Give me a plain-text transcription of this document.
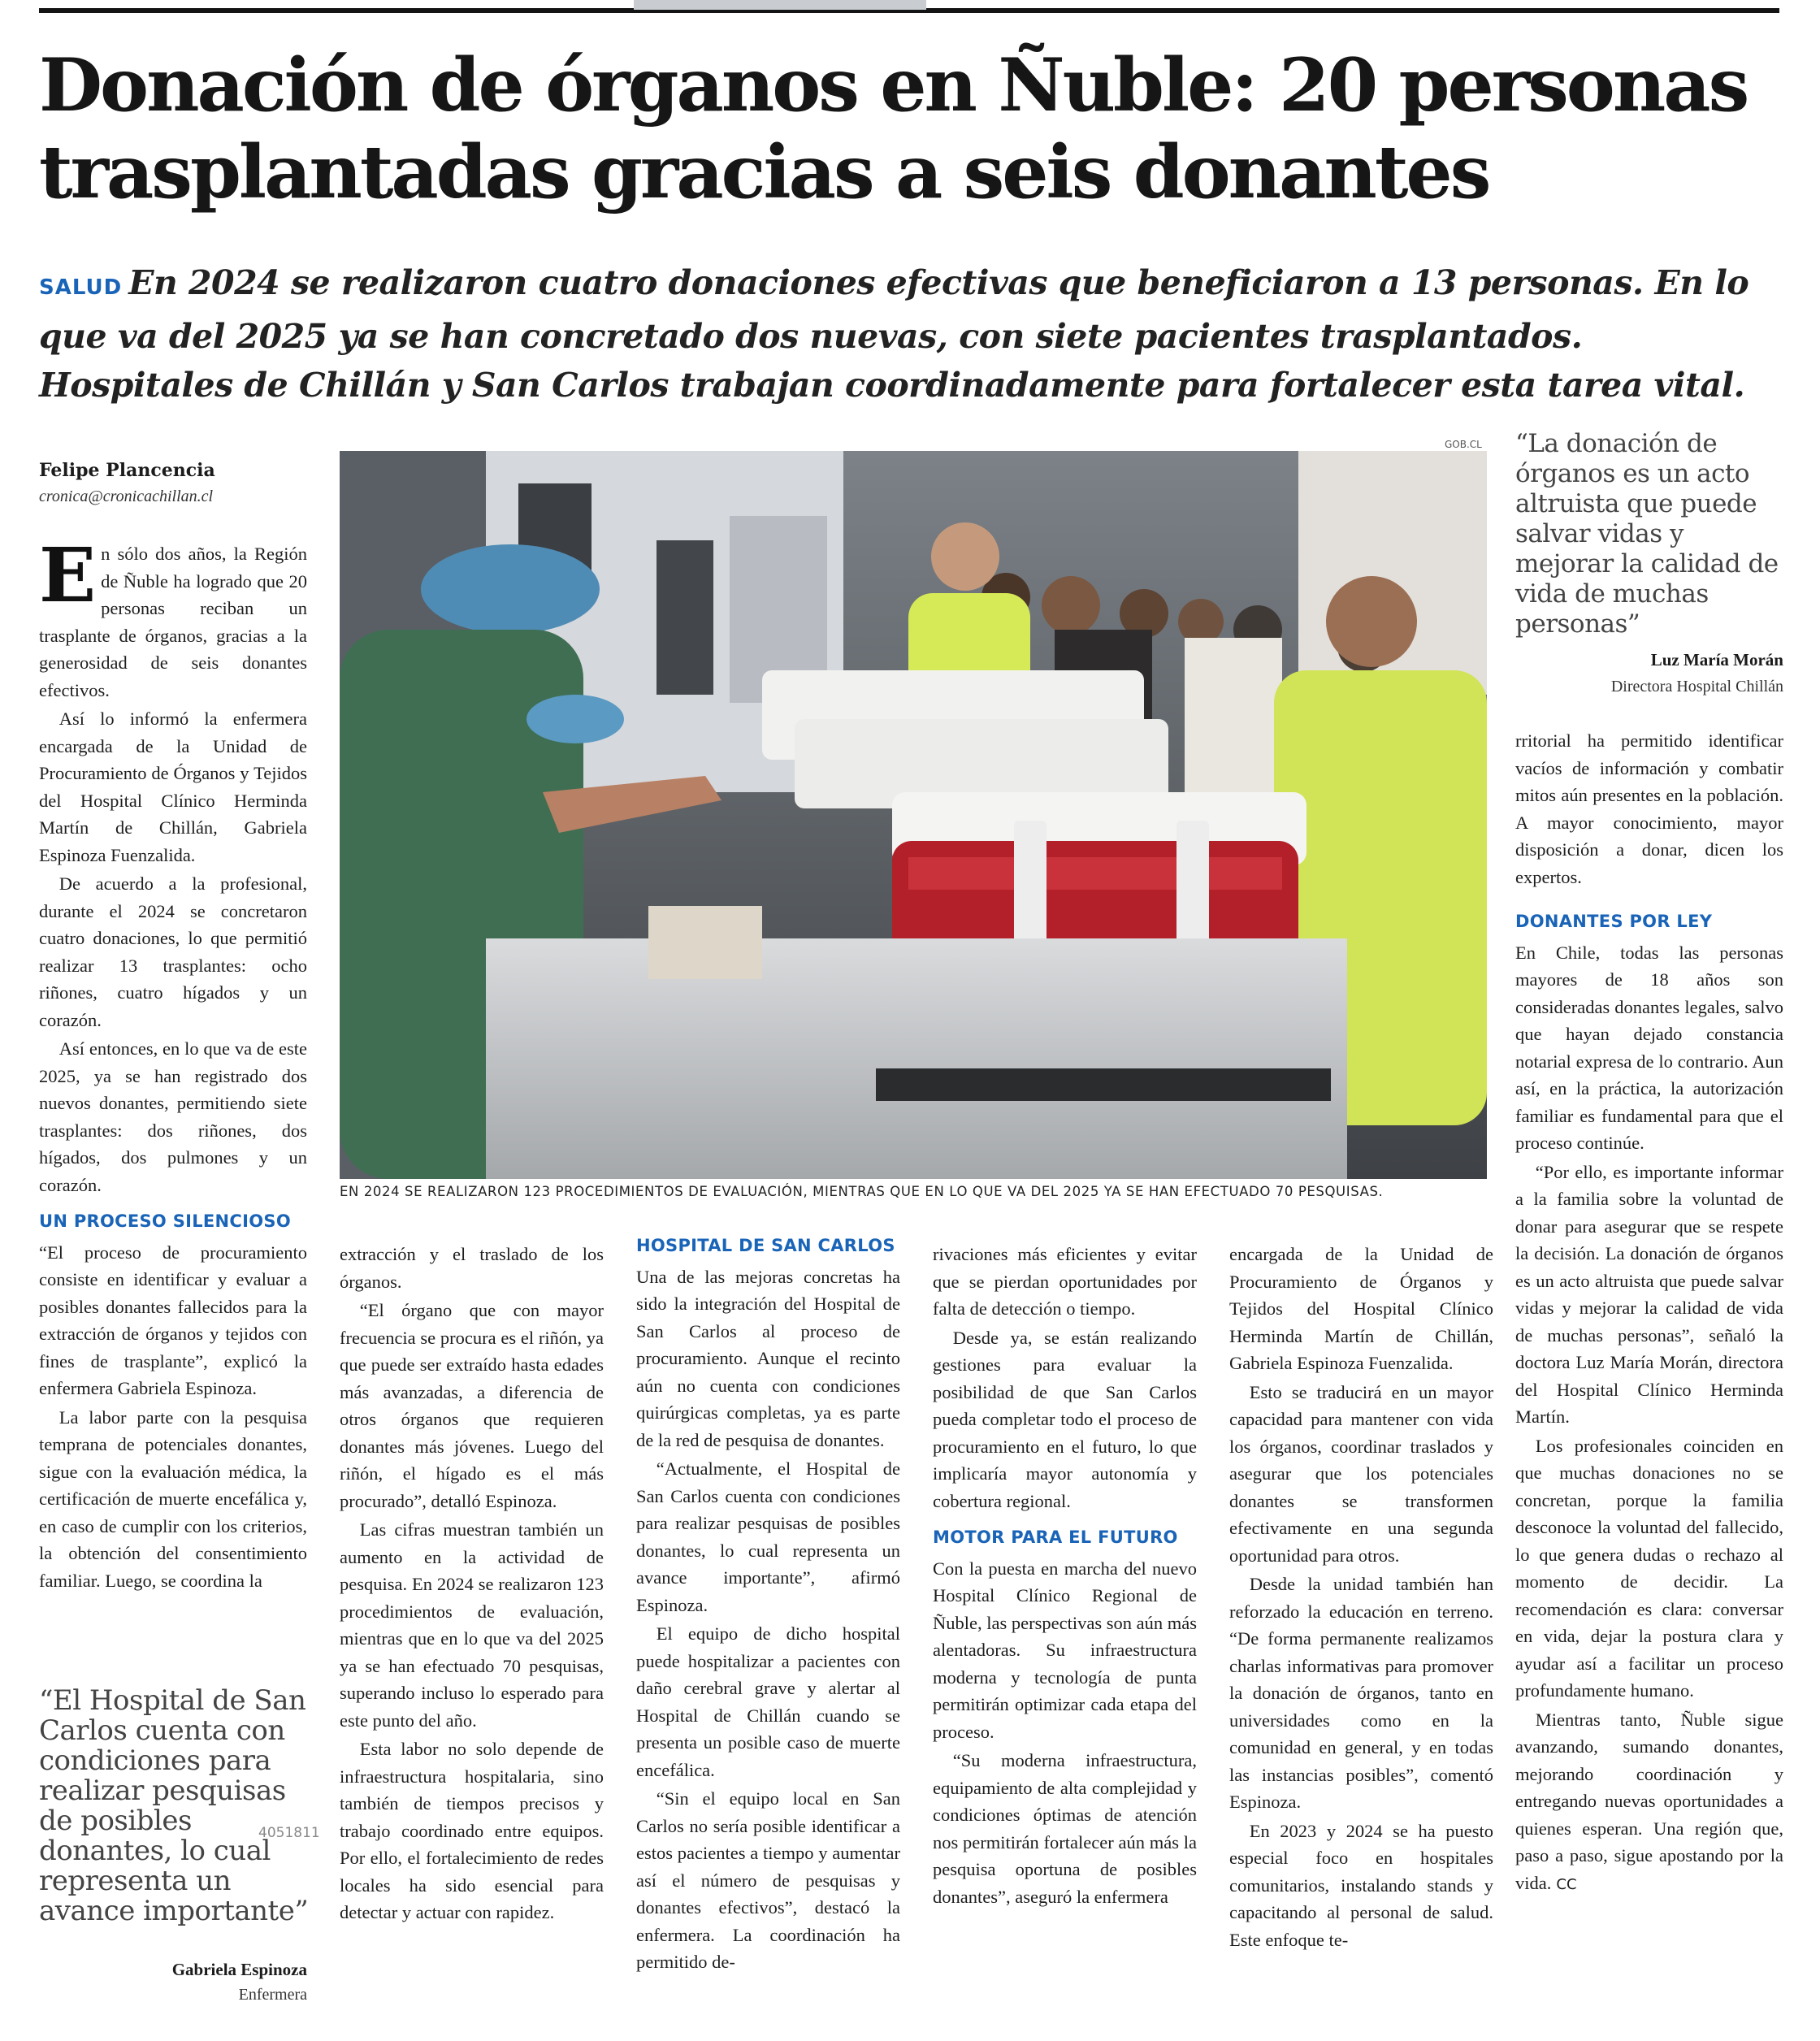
Donación de órganos en Ñuble: 20 personas trasplantadas gracias a seis donantes

SALUD En 2024 se realizaron cuatro donaciones efectivas que beneficiaron a 13 personas. En lo que va del 2025 ya se han concretado dos nuevas, con siete pacientes trasplantados. Hospitales de Chillán y San Carlos trabajan coordinadamente para fortalecer esta tarea vital.

Felipe Plancencia
cronica@cronicachillan.cl

En sólo dos años, la Región de Ñuble ha logrado que 20 personas reciban un trasplante de órganos, gracias a la generosidad de seis donantes efectivos.

Así lo informó la enfermera encargada de la Unidad de Procuramiento de Órganos y Tejidos del Hospital Clínico Herminda Martín de Chillán, Gabriela Espinoza Fuenzalida.

De acuerdo a la profesional, durante el 2024 se concretaron cuatro donaciones, lo que permitió realizar 13 trasplantes: ocho riñones, cuatro hígados y un corazón.

Así entonces, en lo que va de este 2025, ya se han registrado dos nuevos donantes, permitiendo siete trasplantes: dos riñones, dos hígados, dos pulmones y un corazón.

UN PROCESO SILENCIOSO

“El proceso de procuramiento consiste en identificar y evaluar a posibles donantes fallecidos para la extracción de órganos y tejidos con fines de trasplante”, explicó la enfermera Gabriela Espinoza.

La labor parte con la pesquisa temprana de potenciales donantes, sigue con la evaluación médica, la certificación de muerte encefálica y, en caso de cumplir con los criterios, la obtención del consentimiento familiar. Luego, se coordina la

“El Hospital de San Carlos cuenta con condiciones para realizar pesquisas de posibles donantes, lo cual representa un avance importante”
Gabriela Espinoza
Enfermera
4051811
GOB.CL
EN 2024 SE REALIZARON 123 PROCEDIMIENTOS DE EVALUACIÓN, MIENTRAS QUE EN LO QUE VA DEL 2025 YA SE HAN EFECTUADO 70 PESQUISAS.
“La donación de órganos es un acto altruista que puede salvar vidas y mejorar la calidad de vida de muchas personas”
Luz María Morán
Directora Hospital Chillán

extracción y el traslado de los órganos.

“El órgano que con mayor frecuencia se procura es el riñón, ya que puede ser extraído hasta edades más avanzadas, a diferencia de otros órganos que requieren donantes más jóvenes. Luego del riñón, el hígado es el más procurado”, detalló Espinoza.

Las cifras muestran también un aumento en la actividad de pesquisa. En 2024 se realizaron 123 procedimientos de evaluación, mientras que en lo que va del 2025 ya se han efectuado 70 pesquisas, superando incluso lo esperado para este punto del año.

Esta labor no solo depende de infraestructura hospitalaria, sino también de tiempos precisos y trabajo coordinado entre equipos. Por ello, el fortalecimiento de redes locales ha sido esencial para detectar y actuar con rapidez.

HOSPITAL DE SAN CARLOS

Una de las mejoras concretas ha sido la integración del Hospital de San Carlos al proceso de procuramiento. Aunque el recinto aún no cuenta con condiciones quirúrgicas completas, ya es parte de la red de pesquisa de donantes.

“Actualmente, el Hospital de San Carlos cuenta con condiciones para realizar pesquisas de posibles donantes, lo cual representa un avance importante”, afirmó Espinoza.

El equipo de dicho hospital puede hospitalizar a pacientes con daño cerebral grave y alertar al Hospital de Chillán cuando se presenta un posible caso de muerte encefálica.

“Sin el equipo local en San Carlos no sería posible identificar a estos pacientes a tiempo y aumentar así el número de pesquisas y donantes efectivos”, destacó la enfermera. La coordinación ha permitido de-

rivaciones más eficientes y evitar que se pierdan oportunidades por falta de detección o tiempo.

Desde ya, se están realizando gestiones para evaluar la posibilidad de que San Carlos pueda completar todo el proceso de procuramiento en el futuro, lo que implicaría mayor autonomía y cobertura regional.

MOTOR PARA EL FUTURO

Con la puesta en marcha del nuevo Hospital Clínico Regional de Ñuble, las perspectivas son aún más alentadoras. Su infraestructura moderna y tecnología de punta permitirán optimizar cada etapa del proceso.

“Su moderna infraestructura, equipamiento de alta complejidad y condiciones óptimas de atención nos permitirán fortalecer aún más la pesquisa oportuna de posibles donantes”, aseguró la enfermera

encargada de la Unidad de Procuramiento de Órganos y Tejidos del Hospital Clínico Herminda Martín de Chillán, Gabriela Espinoza Fuenzalida.

Esto se traducirá en un mayor capacidad para mantener con vida los órganos, coordinar traslados y asegurar que los potenciales donantes se transformen efectivamente en una segunda oportunidad para otros.

Desde la unidad también han reforzado la educación en terreno. “De forma permanente realizamos charlas informativas para promover la donación de órganos, tanto en universidades como en la comunidad en general, y en todas las instancias posibles”, comentó Espinoza.

En 2023 y 2024 se ha puesto especial foco en hospitales comunitarios, instalando stands y capacitando al personal de salud. Este enfoque te-

rritorial ha permitido identificar vacíos de información y combatir mitos aún presentes en la población. A mayor conocimiento, mayor disposición a donar, dicen los expertos.

DONANTES POR LEY

En Chile, todas las personas mayores de 18 años son consideradas donantes legales, salvo que hayan dejado constancia notarial expresa de lo contrario. Aun así, en la práctica, la autorización familiar es fundamental para que el proceso continúe.

“Por ello, es importante informar a la familia sobre la voluntad de donar para asegurar que se respete la decisión. La donación de órganos es un acto altruista que puede salvar vidas y mejorar la calidad de vida de muchas personas”, señaló la doctora Luz María Morán, directora del Hospital Clínico Herminda Martín.

Los profesionales coinciden en que muchas donaciones no se concretan, porque la familia desconoce la voluntad del fallecido, lo que genera dudas o rechazo al momento de decidir. La recomendación es clara: conversar en vida, dejar la postura clara y ayudar así a facilitar un proceso profundamente humano.

Mientras tanto, Ñuble sigue avanzando, sumando donantes, mejorando coordinación y entregando nuevas oportunidades a quienes esperan. Una región que, paso a paso, sigue apostando por la vida. CC
